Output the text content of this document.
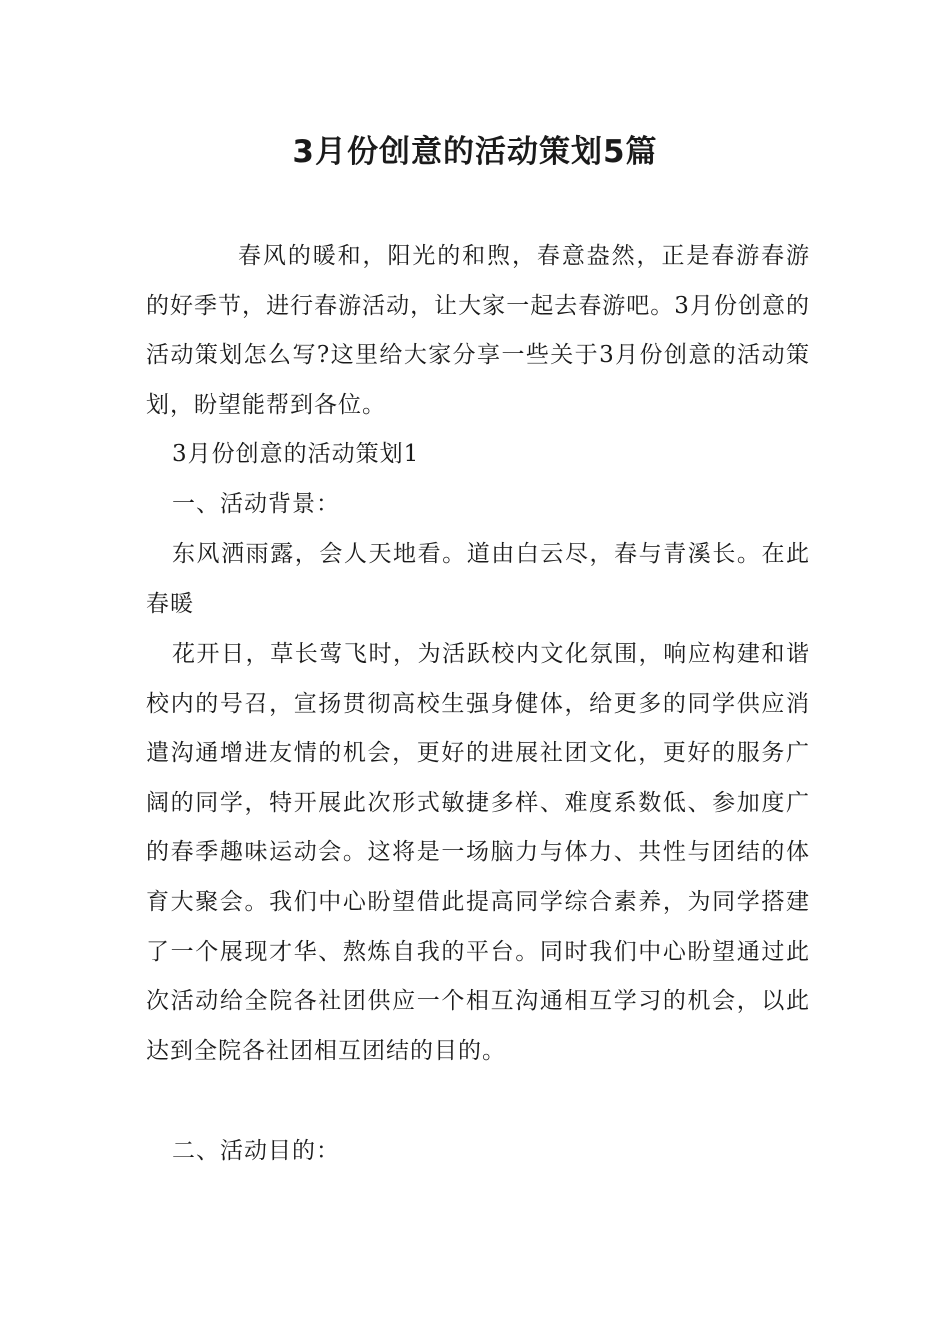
3月份创意的活动策划5篇

春风的暖和，阳光的和煦，春意盎然，正是春游春游的好季节，进行春游活动，让大家一起去春游吧。3月份创意的活动策划怎么写?这里给大家分享一些关于3月份创意的活动策划，盼望能帮到各位。

3月份创意的活动策划1

一、活动背景：

东风洒雨露，会人天地看。道由白云尽，春与青溪长。在此春暖

花开日，草长莺飞时，为活跃校内文化氛围，响应构建和谐校内的号召，宣扬贯彻高校生强身健体，给更多的同学供应消遣沟通增进友情的机会，更好的进展社团文化，更好的服务广阔的同学，特开展此次形式敏捷多样、难度系数低、参加度广的春季趣味运动会。这将是一场脑力与体力、共性与团结的体育大聚会。我们中心盼望借此提高同学综合素养，为同学搭建了一个展现才华、熬炼自我的平台。同时我们中心盼望通过此次活动给全院各社团供应一个相互沟通相互学习的机会，以此达到全院各社团相互团结的目的。

二、活动目的：
